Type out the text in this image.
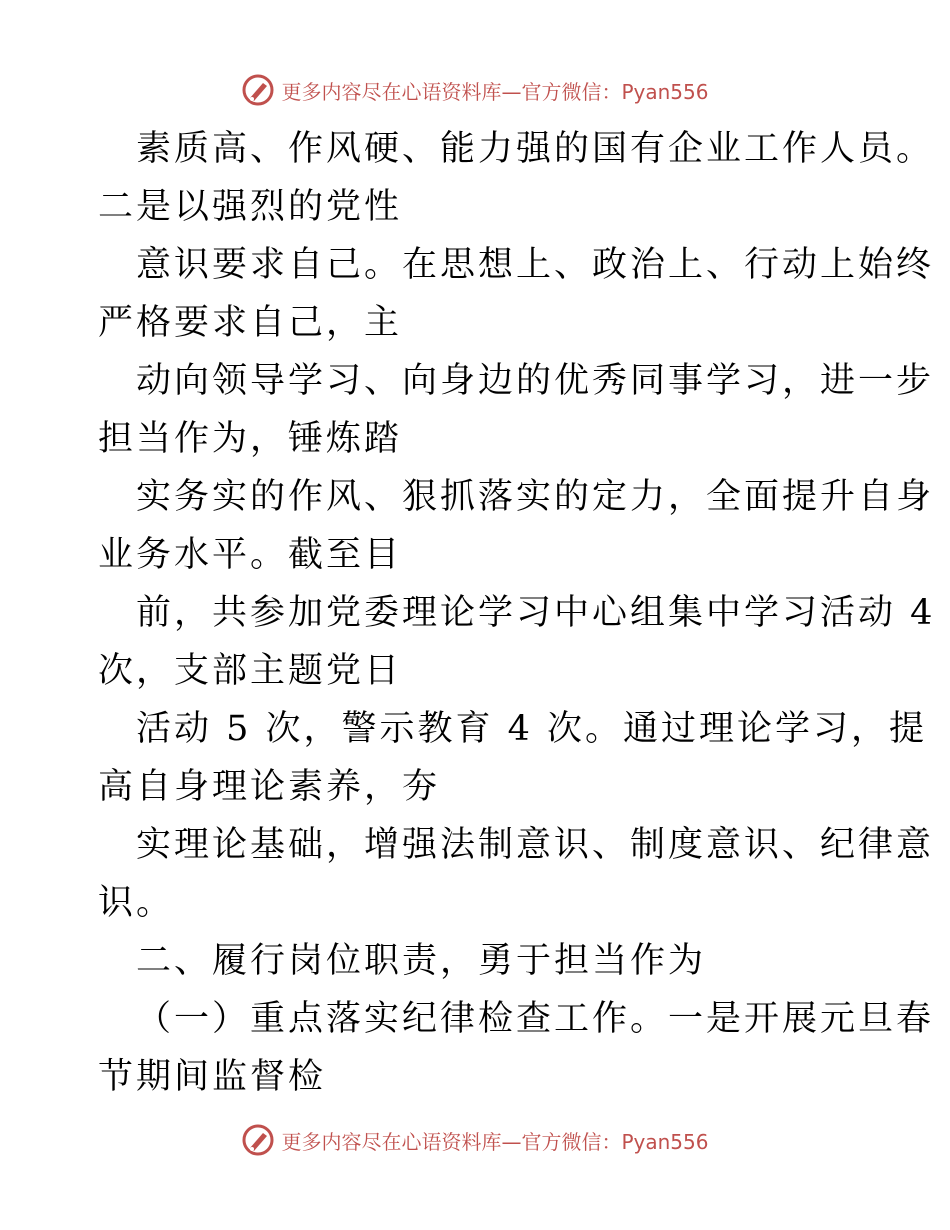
更多内容尽在心语资料库—官方微信：Pyan556
素质高、作风硬、能力强的国有企业工作人员。
二是以强烈的党性
意识要求自己。在思想上、政治上、行动上始终
严格要求自己，主
动向领导学习、向身边的优秀同事学习，进一步
担当作为，锤炼踏
实务实的作风、狠抓落实的定力，全面提升自身
业务水平。截至目
前，共参加党委理论学习中心组集中学习活动 4
次，支部主题党日
活动 5 次，警示教育 4 次。通过理论学习，提
高自身理论素养，夯
实理论基础，增强法制意识、制度意识、纪律意
识。
二、履行岗位职责，勇于担当作为
（一）重点落实纪律检查工作。一是开展元旦春
节期间监督检
更多内容尽在心语资料库—官方微信：Pyan556
